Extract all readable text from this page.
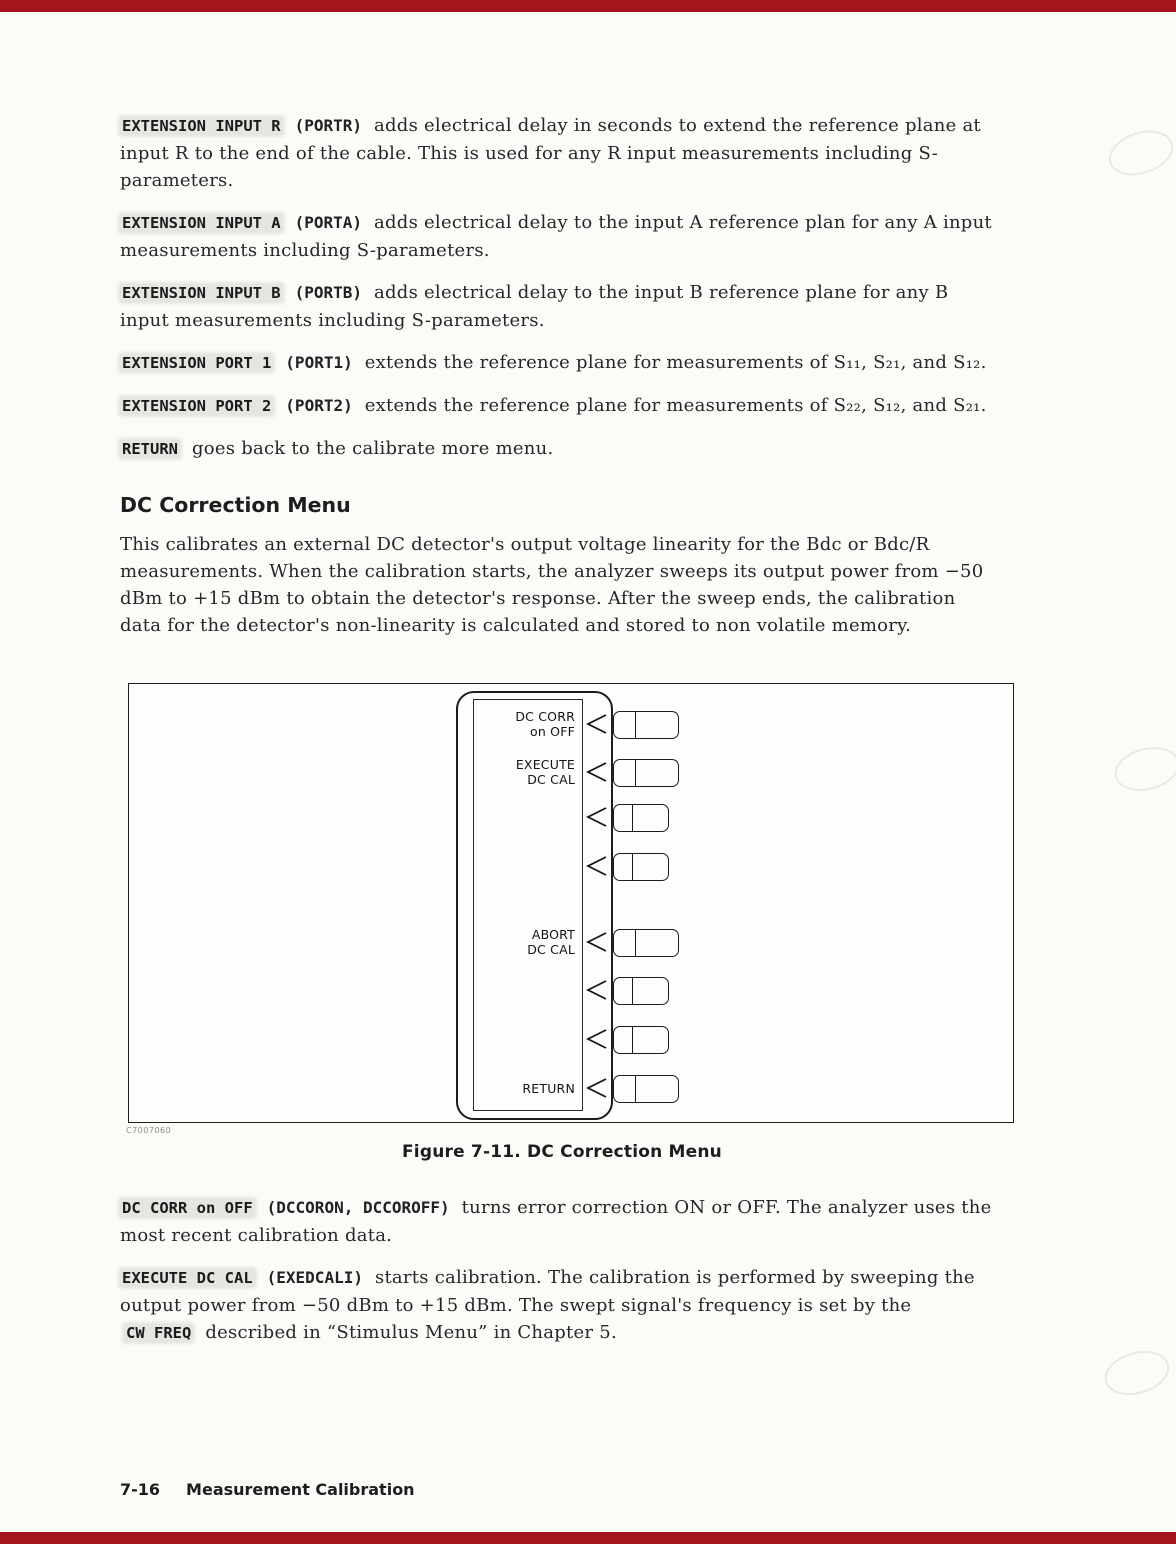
EXTENSION INPUT R (PORTR) adds electrical delay in seconds to extend the reference plane at input R to the end of the cable. This is used for any R input measurements including S-parameters.

EXTENSION INPUT A (PORTA) adds electrical delay to the input A reference plan for any A input measurements including S-parameters.

EXTENSION INPUT B (PORTB) adds electrical delay to the input B reference plane for any B input measurements including S-parameters.

EXTENSION PORT 1 (PORT1) extends the reference plane for measurements of S₁₁, S₂₁, and S₁₂.

EXTENSION PORT 2 (PORT2) extends the reference plane for measurements of S₂₂, S₁₂, and S₂₁.

RETURN goes back to the calibrate more menu.

DC Correction Menu

This calibrates an external DC detector's output voltage linearity for the Bdc or Bdc/R measurements. When the calibration starts, the analyzer sweeps its output power from −50 dBm to +15 dBm to obtain the detector's response. After the sweep ends, the calibration data for the detector's non-linearity is calculated and stored to non volatile memory.

DC CORR
on OFF
EXECUTE
DC CAL
ABORT
DC CAL
RETURN
C7007060
Figure 7-11. DC Correction Menu

DC CORR on OFF (DCCORON, DCCOROFF) turns error correction ON or OFF. The analyzer uses the most recent calibration data.

EXECUTE DC CAL (EXEDCALI) starts calibration. The calibration is performed by sweeping the output power from −50 dBm to +15 dBm. The swept signal's frequency is set by the CW FREQ described in “Stimulus Menu” in Chapter 5.

7-16 Measurement Calibration
